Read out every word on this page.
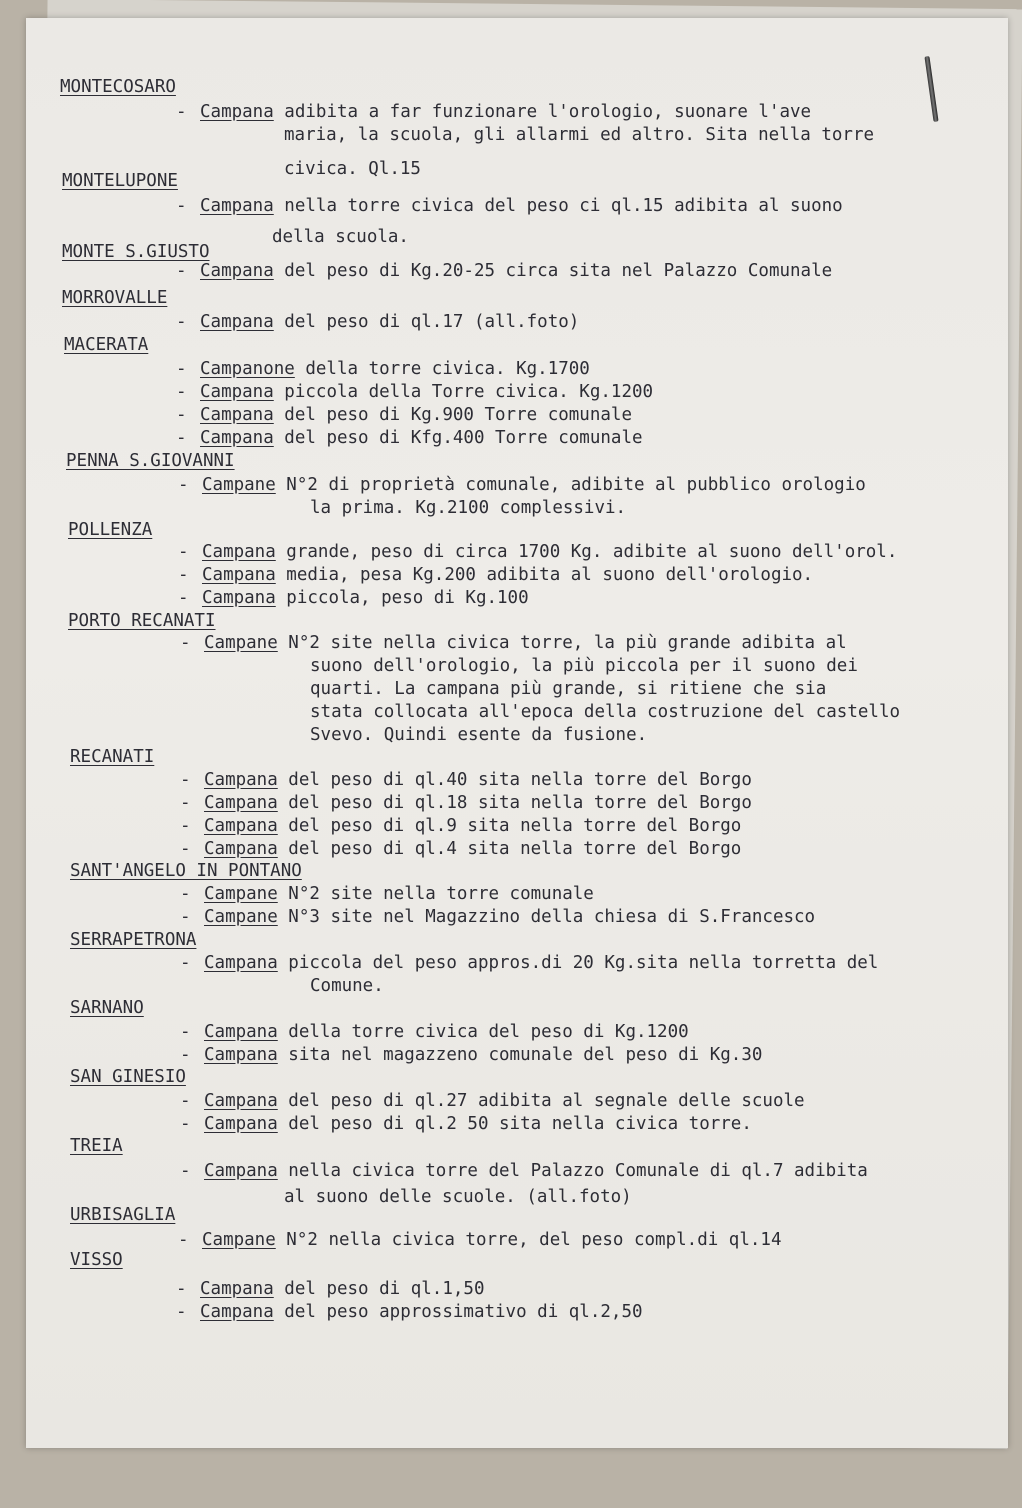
MONTECOSARO
- Campana adibita a far funzionare l'orologio, suonare l'ave
maria, la scuola, gli allarmi ed altro. Sita nella torre
civica. Ql.15
MONTELUPONE
- Campana nella torre civica del peso ci ql.15 adibita al suono
della scuola.
MONTE S.GIUSTO
- Campana del peso di Kg.20-25 circa sita nel Palazzo Comunale
MORROVALLE
- Campana del peso di ql.17 (all.foto)
MACERATA
- Campanone della torre civica. Kg.1700
- Campana piccola della Torre civica. Kg.1200
- Campana del peso di Kg.900 Torre comunale
- Campana del peso di Kfg.400 Torre comunale
PENNA S.GIOVANNI
- Campane N°2 di proprietà comunale, adibite al pubblico orologio
la prima. Kg.2100 complessivi.
POLLENZA
- Campana grande, peso di circa 1700 Kg. adibite al suono dell'orol.
- Campana media, pesa Kg.200 adibita al suono dell'orologio.
- Campana piccola, peso di Kg.100
PORTO RECANATI
- Campane N°2 site nella civica torre, la più grande adibita al
suono dell'orologio, la più piccola per il suono dei
quarti. La campana più grande, si ritiene che sia
stata collocata all'epoca della costruzione del castello
Svevo. Quindi esente da fusione.
RECANATI
- Campana del peso di ql.40 sita nella torre del Borgo
- Campana del peso di ql.18 sita nella torre del Borgo
- Campana del peso di ql.9 sita nella torre del Borgo
- Campana del peso di ql.4 sita nella torre del Borgo
SANT'ANGELO IN PONTANO
- Campane N°2 site nella torre comunale
- Campane N°3 site nel Magazzino della chiesa di S.Francesco
SERRAPETRONA
- Campana piccola del peso appros.di 20 Kg.sita nella torretta del
Comune.
SARNANO
- Campana della torre civica del peso di Kg.1200
- Campana sita nel magazzeno comunale del peso di Kg.30
SAN GINESIO
- Campana del peso di ql.27 adibita al segnale delle scuole
- Campana del peso di ql.2 50 sita nella civica torre.
TREIA
- Campana nella civica torre del Palazzo Comunale di ql.7 adibita
al suono delle scuole. (all.foto)
URBISAGLIA
- Campane N°2 nella civica torre, del peso compl.di ql.14
VISSO
- Campana del peso di ql.1,50
- Campana del peso approssimativo di ql.2,50
